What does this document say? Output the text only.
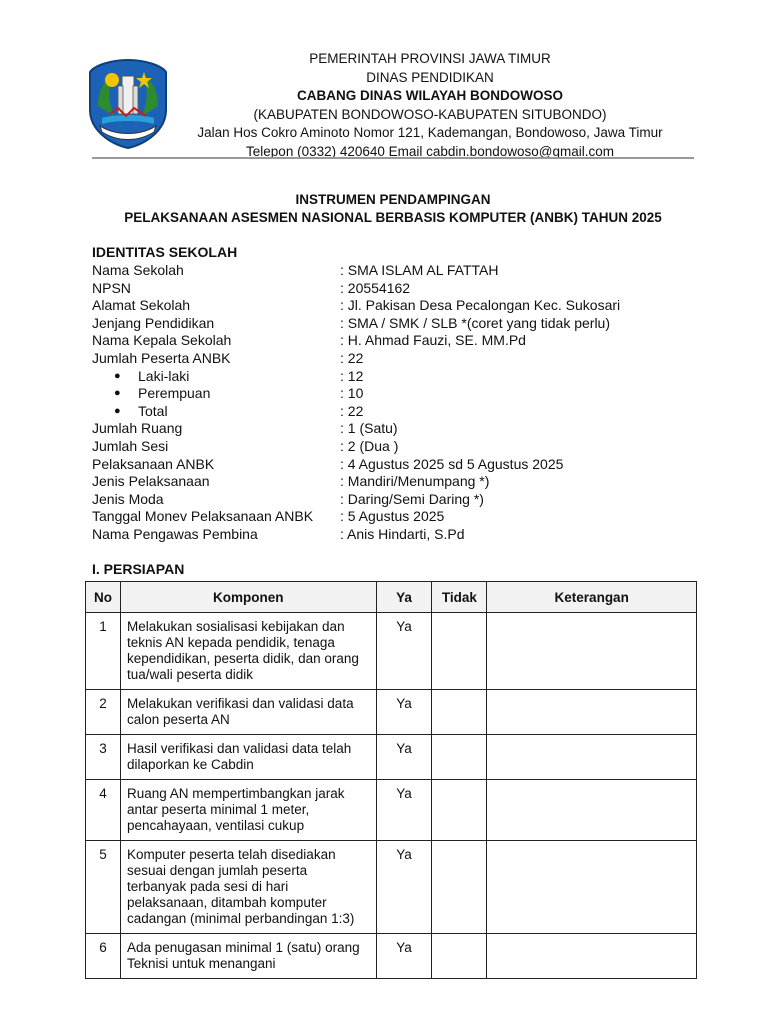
PEMERINTAH PROVINSI JAWA TIMUR
DINAS PENDIDIKAN
CABANG DINAS WILAYAH BONDOWOSO
(KABUPATEN BONDOWOSO-KABUPATEN SITUBONDO)
Jalan Hos Cokro Aminoto Nomor 121, Kademangan, Bondowoso, Jawa Timur
Telepon (0332) 420640 Email cabdin.bondowoso@gmail.com
INSTRUMEN PENDAMPINGAN
PELAKSANAAN ASESMEN NASIONAL BERBASIS KOMPUTER (ANBK) TAHUN 2025
IDENTITAS SEKOLAH
Nama Sekolah	: SMA ISLAM AL FATTAH
NPSN	: 20554162
Alamat Sekolah	: Jl. Pakisan Desa Pecalongan Kec. Sukosari
Jenjang Pendidikan	: SMA / SMK / SLB *(coret yang tidak perlu)
Nama Kepala Sekolah	: H. Ahmad Fauzi, SE. MM.Pd
Jumlah Peserta ANBK	: 22
● Laki-laki	: 12
● Perempuan	: 10
● Total	: 22
Jumlah Ruang	: 1 (Satu)
Jumlah Sesi	: 2 (Dua )
Pelaksanaan ANBK	: 4 Agustus 2025 sd 5 Agustus 2025
Jenis Pelaksanaan	: Mandiri/Menumpang *)
Jenis Moda	: Daring/Semi Daring *)
Tanggal Monev Pelaksanaan ANBK : 5 Agustus 2025
Nama Pengawas Pembina	: Anis Hindarti, S.Pd
I. PERSIAPAN
No	Komponen	Ya	Tidak	Keterangan
1	Melakukan sosialisasi kebijakan dan teknis AN kepada pendidik, tenaga kependidikan, peserta didik, dan orang tua/wali peserta didik	Ya		
2	Melakukan verifikasi dan validasi data calon peserta AN	Ya		
3	Hasil verifikasi dan validasi data telah dilaporkan ke Cabdin	Ya		
4	Ruang AN mempertimbangkan jarak antar peserta minimal 1 meter, pencahayaan, ventilasi cukup	Ya		
5	Komputer peserta telah disediakan sesuai dengan jumlah peserta terbanyak pada sesi di hari pelaksanaan, ditambah komputer cadangan (minimal perbandingan 1:3)	Ya		
6	Ada penugasan minimal 1 (satu) orang Teknisi untuk menangani	Ya		
